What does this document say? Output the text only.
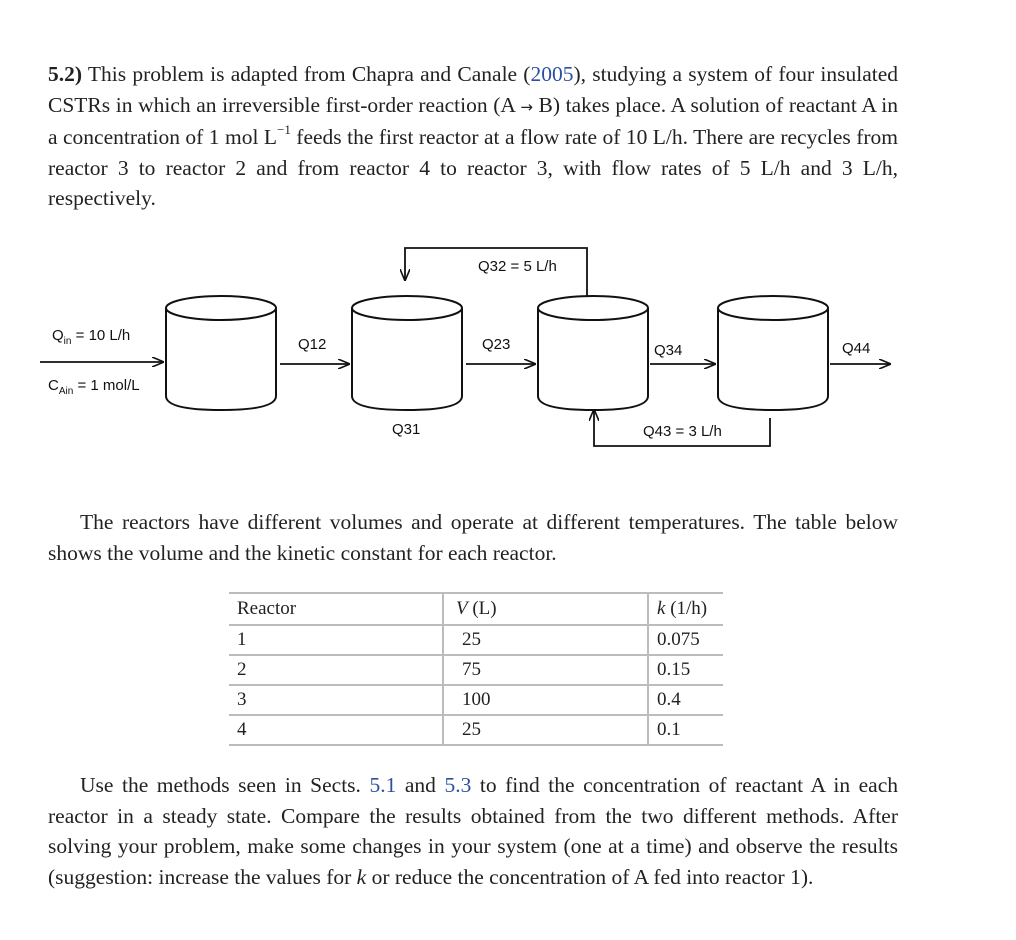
5.2) This problem is adapted from Chapra and Canale (2005), studying a system of four insulated CSTRs in which an irreversible first-order reaction (A → B) takes place. A solution of reactant A in a concentration of 1 mol $L^{-1}$ feeds the first reactor at a flow rate of 10 L/h. There are recycles from reactor 3 to reactor 2 and from reactor 4 to reactor 3, with flow rates of 5 L/h and 3 L/h, respectively.

$Q_{in} = 10$ L/h
$C_{Ain} = 1$ mol/L
Q12	Q23	Q34	Q44
Q32 = 5 L/h
Q43 = 3 L/h
Q31

The reactors have different volumes and operate at different temperatures. The table below shows the volume and the kinetic constant for each reactor.

Reactor	V (L)	k (1/h)
1	25	0.075
2	75	0.15
3	100	0.4
4	25	0.1

Use the methods seen in Sects. 5.1 and 5.3 to find the concentration of reactant A in each reactor in a steady state. Compare the results obtained from the two different methods. After solving your problem, make some changes in your system (one at a time) and observe the results (suggestion: increase the values for k or reduce the concentration of A fed into reactor 1).
